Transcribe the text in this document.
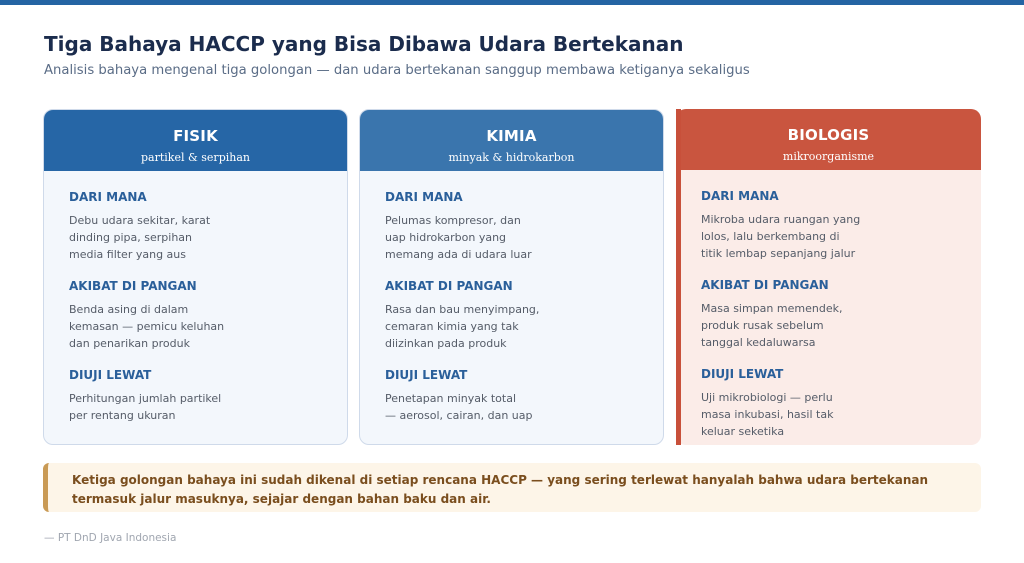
Tiga Bahaya HACCP yang Bisa Dibawa Udara Bertekanan

Analisis bahaya mengenal tiga golongan — dan udara bertekanan sanggup membawa ketiganya sekaligus

FISIK
partikel & serpihan
DARI MANA
Debu udara sekitar, karat
dinding pipa, serpihan
media filter yang aus
AKIBAT DI PANGAN
Benda asing di dalam
kemasan — pemicu keluhan
dan penarikan produk
DIUJI LEWAT
Perhitungan jumlah partikel
per rentang ukuran
KIMIA
minyak & hidrokarbon
DARI MANA
Pelumas kompresor, dan
uap hidrokarbon yang
memang ada di udara luar
AKIBAT DI PANGAN
Rasa dan bau menyimpang,
cemaran kimia yang tak
diizinkan pada produk
DIUJI LEWAT
Penetapan minyak total
— aerosol, cairan, dan uap
BIOLOGIS
mikroorganisme
DARI MANA
Mikroba udara ruangan yang
lolos, lalu berkembang di
titik lembap sepanjang jalur
AKIBAT DI PANGAN
Masa simpan memendek,
produk rusak sebelum
tanggal kedaluwarsa
DIUJI LEWAT
Uji mikrobiologi — perlu
masa inkubasi, hasil tak
keluar seketika
Ketiga golongan bahaya ini sudah dikenal di setiap rencana HACCP — yang sering terlewat hanyalah bahwa udara bertekanan
termasuk jalur masuknya, sejajar dengan bahan baku dan air.
— PT DnD Java Indonesia
